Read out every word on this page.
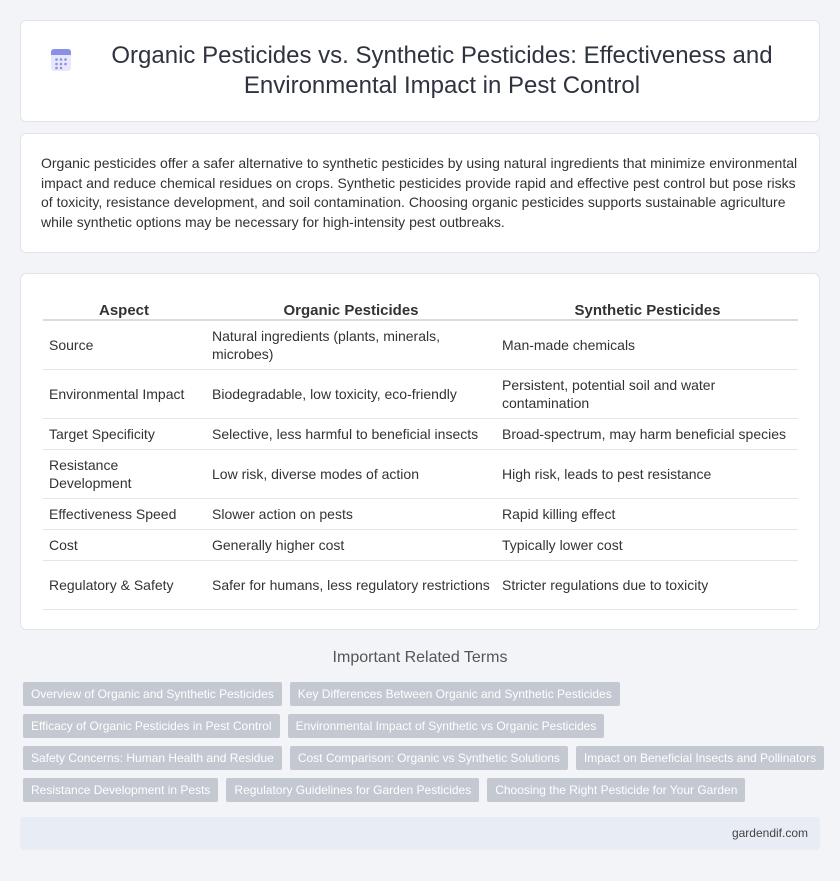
Organic Pesticides vs. Synthetic Pesticides: Effectiveness and Environmental Impact in Pest Control

Organic pesticides offer a safer alternative to synthetic pesticides by using natural ingredients that minimize environmental impact and reduce chemical residues on crops. Synthetic pesticides provide rapid and effective pest control but pose risks of toxicity, resistance development, and soil contamination. Choosing organic pesticides supports sustainable agriculture while synthetic options may be necessary for high-intensity pest outbreaks.

Aspect	Organic Pesticides	Synthetic Pesticides
Source	Natural ingredients (plants, minerals, microbes)	Man-made chemicals
Environmental Impact	Biodegradable, low toxicity, eco-friendly	Persistent, potential soil and water contamination
Target Specificity	Selective, less harmful to beneficial insects	Broad-spectrum, may harm beneficial species
Resistance Development	Low risk, diverse modes of action	High risk, leads to pest resistance
Effectiveness Speed	Slower action on pests	Rapid killing effect
Cost	Generally higher cost	Typically lower cost
Regulatory & Safety	Safer for humans, less regulatory restrictions	Stricter regulations due to toxicity
Important Related Terms
Overview of Organic and Synthetic Pesticides	Key Differences Between Organic and Synthetic Pesticides
Efficacy of Organic Pesticides in Pest Control	Environmental Impact of Synthetic vs Organic Pesticides
Safety Concerns: Human Health and Residue	Cost Comparison: Organic vs Synthetic Solutions	Impact on Beneficial Insects and Pollinators
Resistance Development in Pests	Regulatory Guidelines for Garden Pesticides	Choosing the Right Pesticide for Your Garden
gardendif.com
